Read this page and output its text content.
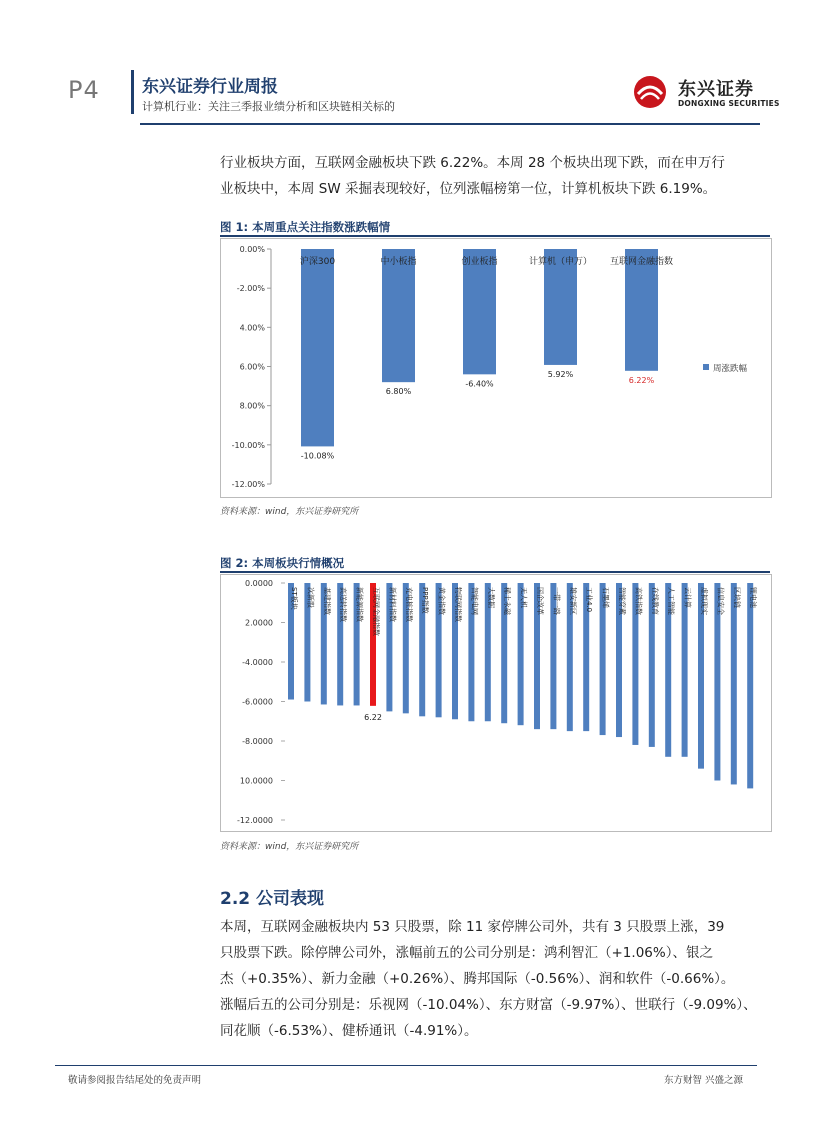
P4 东兴证券行业周报
计算机行业：关注三季报业绩分析和区块链相关标的
东兴证券
DONGXING SECURITIES
行业板块方面，互联网金融板块下跌 6.22%。本周 28 个板块出现下跌，而在申万行
业板块中，本周 SW 采掘表现较好，位列涨幅榜第一位，计算机板块下跌 6.19%。
图 1: 本周重点关注指数涨跌幅情
0.00%
-2.00%
4.00%
6.00%
8.00%
-10.00%
-12.00%
沪深300
-10.08%
中小板指
6.80%
创业板指
-6.40%
计算机（申万）
5.92%
互联网金融指数
6.22%
周涨跌幅
资料来源：wind，东兴证券研究所
图 2: 本周板块行情概况
0.0000
2.0000
-4.0000
-6.0000
-8.0000
10.0000
-12.0000
ST板块 次新股 基建指数 高送转指数 新能源指数 互联网金融指数
6.22
新材料指数 充电桩指数 PPP指数 黄金指数 物联网指数 智能电网 大数据 稀土永磁 无人机 国企改革 一带一路 雄安新区 工业4.0 石墨烯 智能穿戴 高铁指数 在线教育 人工智能 云计算 虚拟现实 信息安全 区块链 锂电池
资料来源：wind，东兴证券研究所
2.2 公司表现
本周，互联网金融板块内 53 只股票，除 11 家停牌公司外，共有 3 只股票上涨，39
只股票下跌。除停牌公司外，涨幅前五的公司分别是：鸿利智汇（+1.06%）、银之
杰（+0.35%）、新力金融（+0.26%）、腾邦国际（-0.56%）、润和软件（-0.66%）。
涨幅后五的公司分别是：乐视网（-10.04%）、东方财富（-9.97%）、世联行（-9.09%）、
同花顺（-6.53%）、健桥通讯（-4.91%）。
敬请参阅报告结尾处的免责声明	东方财智 兴盛之源
